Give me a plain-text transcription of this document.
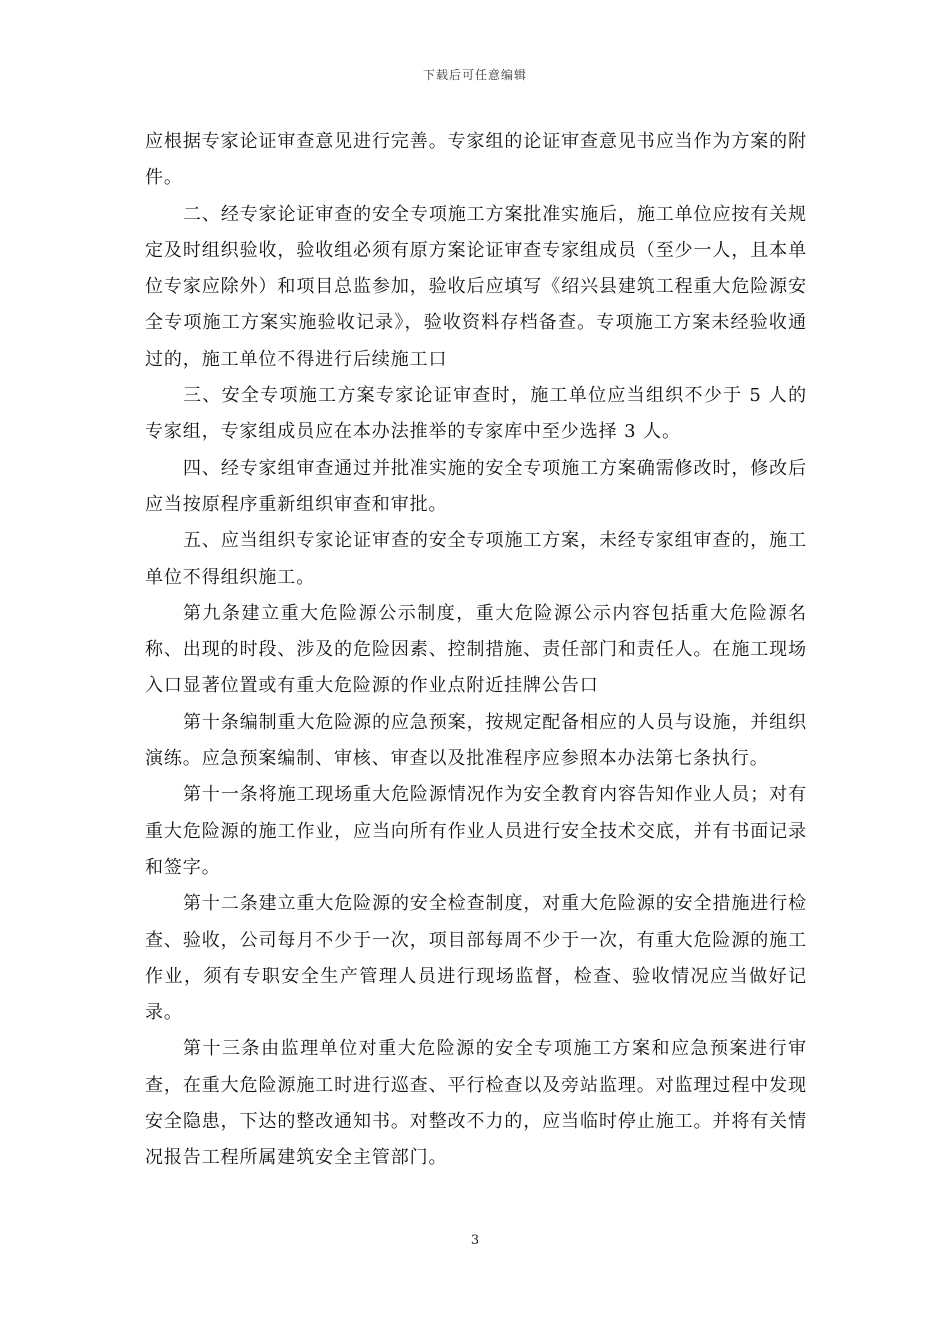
下载后可任意编辑

应根据专家论证审查意见进行完善。专家组的论证审查意见书应当作为方案的附件。

二、经专家论证审查的安全专项施工方案批准实施后，施工单位应按有关规定及时组织验收，验收组必须有原方案论证审查专家组成员（至少一人，且本单位专家应除外）和项目总监参加，验收后应填写《绍兴县建筑工程重大危险源安全专项施工方案实施验收记录》，验收资料存档备查。专项施工方案未经验收通过的，施工单位不得进行后续施工口

三、安全专项施工方案专家论证审查时，施工单位应当组织不少于 5 人的专家组，专家组成员应在本办法推举的专家库中至少选择 3 人。

四、经专家组审查通过并批准实施的安全专项施工方案确需修改时，修改后应当按原程序重新组织审查和审批。

五、应当组织专家论证审查的安全专项施工方案，未经专家组审查的，施工单位不得组织施工。

第九条建立重大危险源公示制度，重大危险源公示内容包括重大危险源名称、出现的时段、涉及的危险因素、控制措施、责任部门和责任人。在施工现场入口显著位置或有重大危险源的作业点附近挂牌公告口

第十条编制重大危险源的应急预案，按规定配备相应的人员与设施，并组织演练。应急预案编制、审核、审查以及批准程序应参照本办法第七条执行。

第十一条将施工现场重大危险源情况作为安全教育内容告知作业人员；对有重大危险源的施工作业，应当向所有作业人员进行安全技术交底，并有书面记录和签字。

第十二条建立重大危险源的安全检查制度，对重大危险源的安全措施进行检查、验收，公司每月不少于一次，项目部每周不少于一次，有重大危险源的施工作业，须有专职安全生产管理人员进行现场监督，检查、验收情况应当做好记录。

第十三条由监理单位对重大危险源的安全专项施工方案和应急预案进行审查，在重大危险源施工时进行巡查、平行检查以及旁站监理。对监理过程中发现安全隐患，下达的整改通知书。对整改不力的，应当临时停止施工。并将有关情况报告工程所属建筑安全主管部门。

3
